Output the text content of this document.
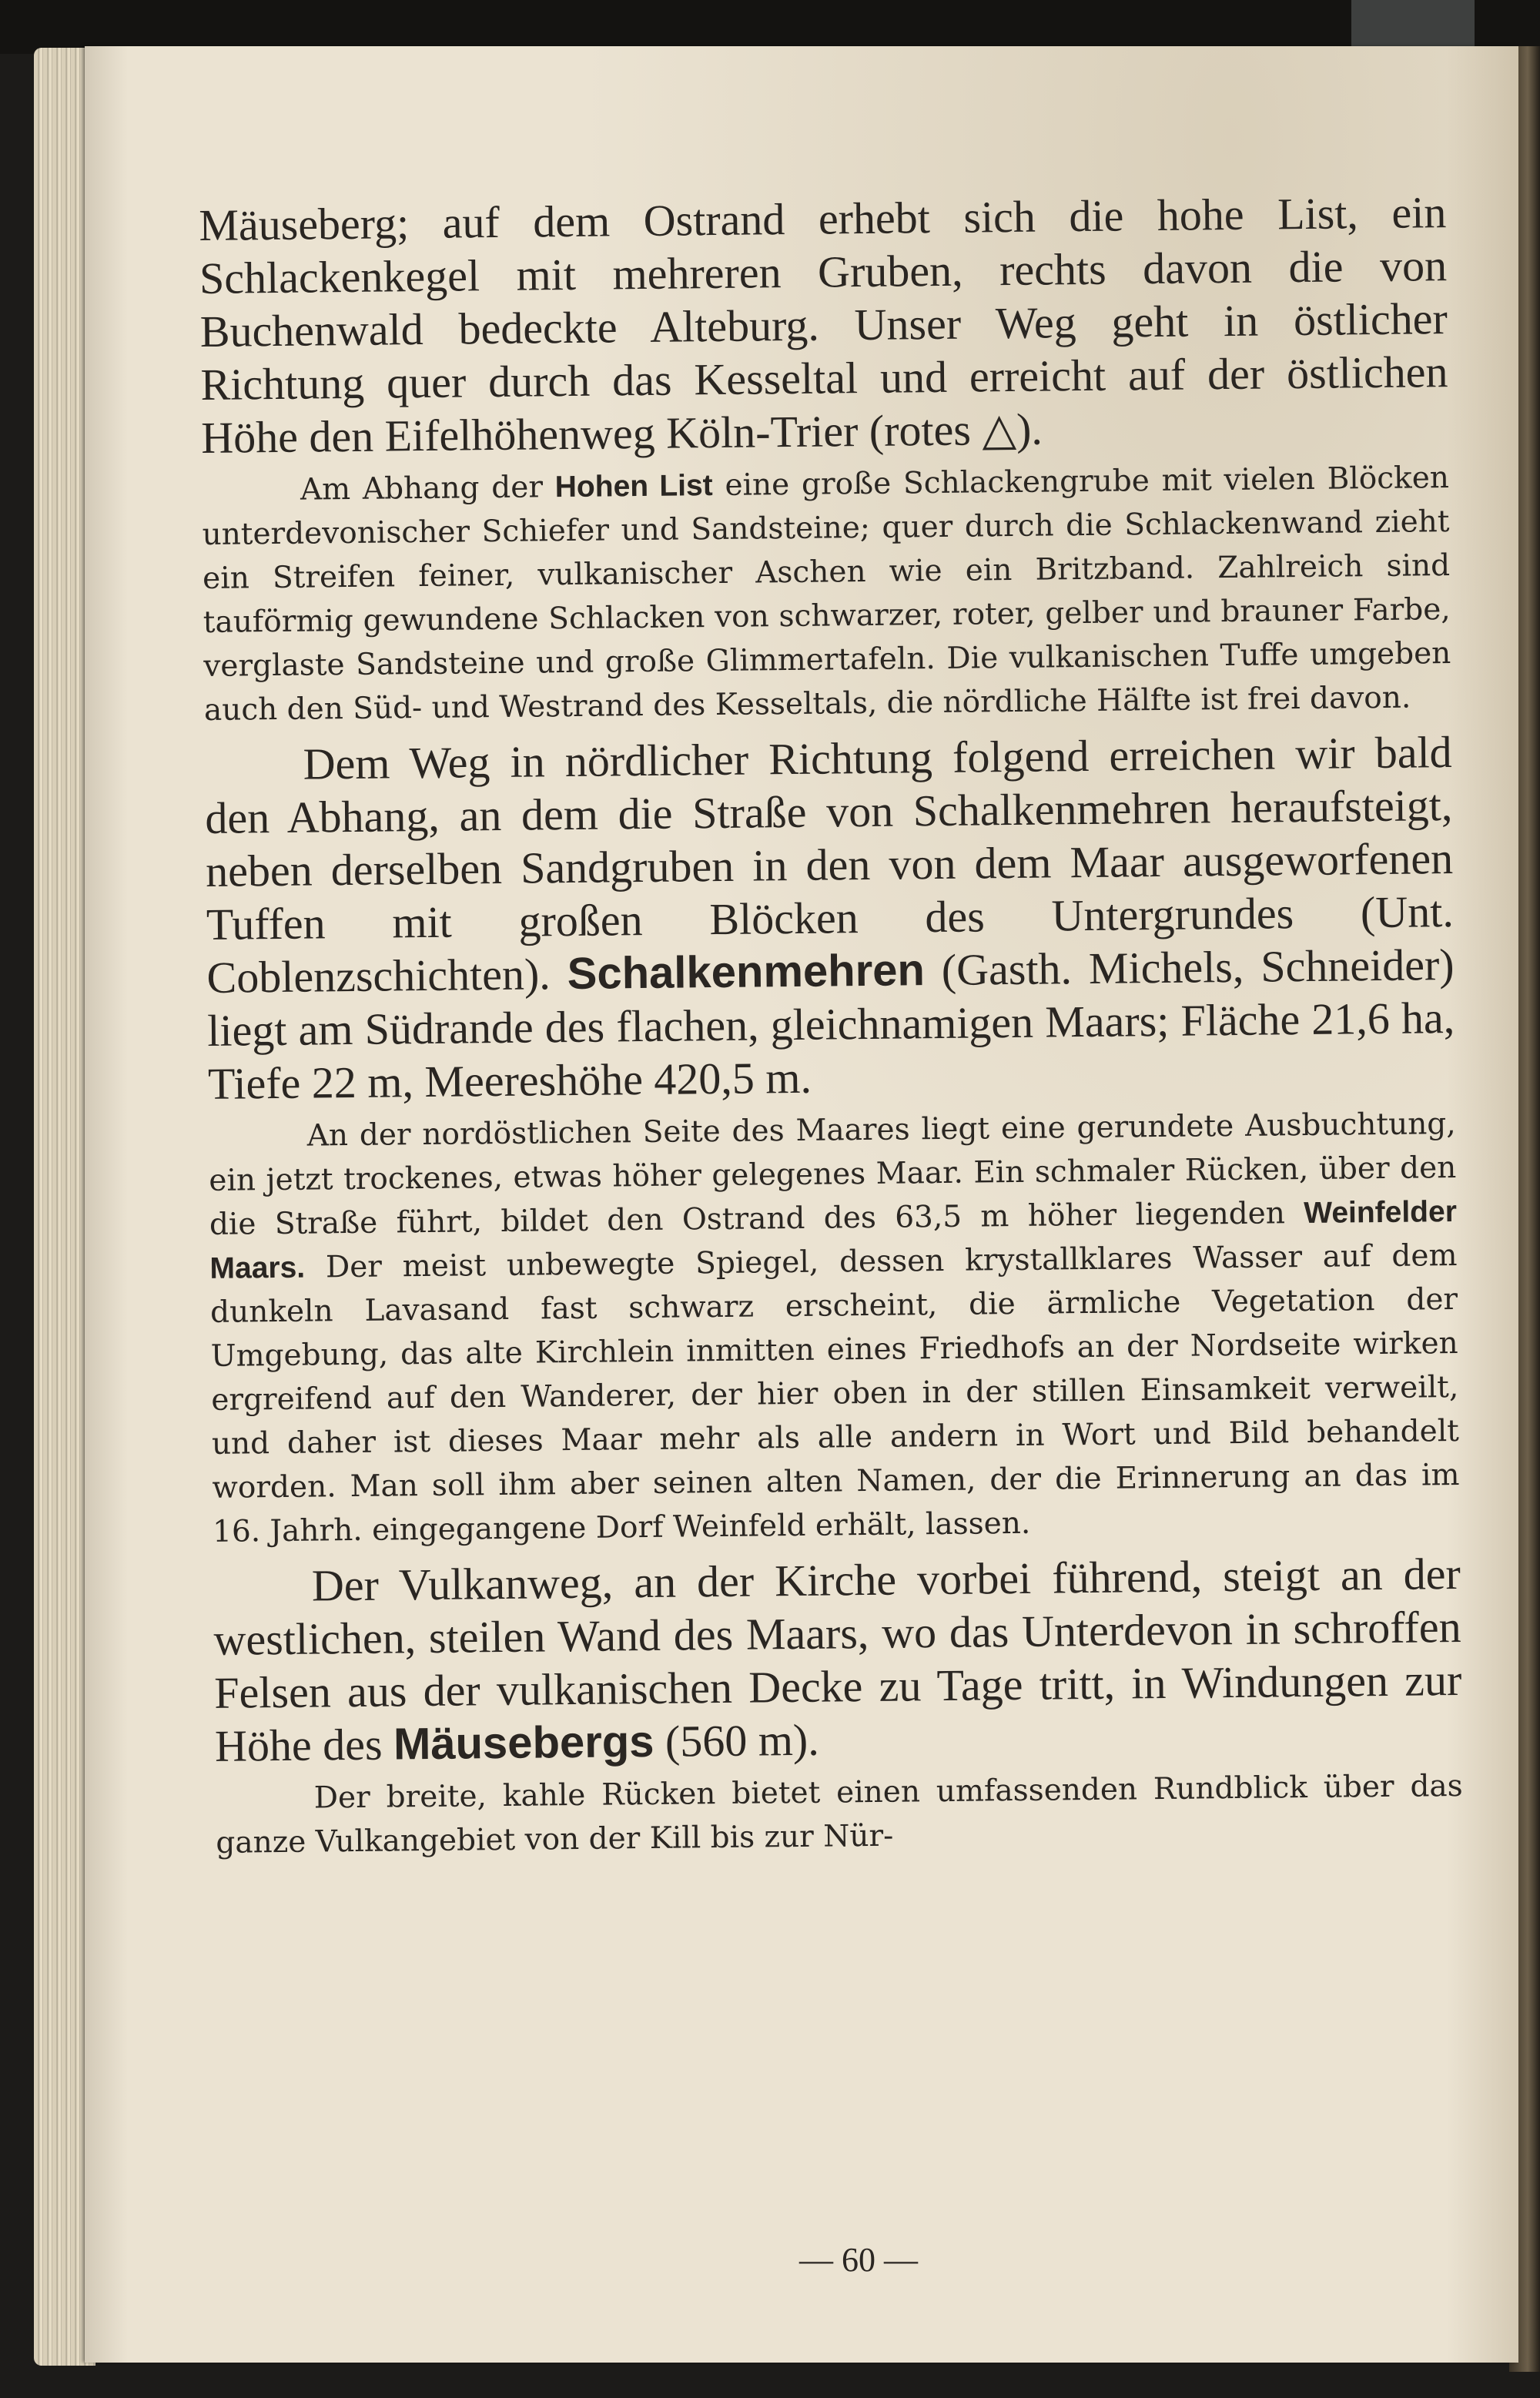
Mäuseberg; auf dem Ostrand erhebt sich die hohe List, ein Schlackenkegel mit mehreren Gruben, rechts davon die von Buchenwald bedeckte Alteburg. Unser Weg geht in östlicher Richtung quer durch das Kesseltal und erreicht auf der östlichen Höhe den Eifelhöhenweg Köln-Trier (rotes △).

Am Abhang der Hohen List eine große Schlackengrube mit vielen Blöcken unterdevonischer Schiefer und Sandsteine; quer durch die Schlackenwand zieht ein Streifen feiner, vulkanischer Aschen wie ein Britzband. Zahlreich sind tauförmig gewundene Schlacken von schwarzer, roter, gelber und brauner Farbe, verglaste Sandsteine und große Glimmertafeln. Die vulkanischen Tuffe umgeben auch den Süd- und Westrand des Kesseltals, die nördliche Hälfte ist frei davon.

Dem Weg in nördlicher Richtung folgend erreichen wir bald den Abhang, an dem die Straße von Schalkenmehren heraufsteigt, neben derselben Sandgruben in den von dem Maar ausgeworfenen Tuffen mit großen Blöcken des Untergrundes (Unt. Coblenzschichten). Schalkenmehren (Gasth. Michels, Schneider) liegt am Südrande des flachen, gleichnamigen Maars; Fläche 21,6 ha, Tiefe 22 m, Meereshöhe 420,5 m.

An der nordöstlichen Seite des Maares liegt eine gerundete Ausbuchtung, ein jetzt trockenes, etwas höher gelegenes Maar. Ein schmaler Rücken, über den die Straße führt, bildet den Ostrand des 63,5 m höher liegenden Weinfelder Maars. Der meist unbewegte Spiegel, dessen krystallklares Wasser auf dem dunkeln Lavasand fast schwarz erscheint, die ärmliche Vegetation der Umgebung, das alte Kirchlein inmitten eines Friedhofs an der Nordseite wirken ergreifend auf den Wanderer, der hier oben in der stillen Einsamkeit verweilt, und daher ist dieses Maar mehr als alle andern in Wort und Bild behandelt worden. Man soll ihm aber seinen alten Namen, der die Erinnerung an das im 16. Jahrh. eingegangene Dorf Weinfeld erhält, lassen.

Der Vulkanweg, an der Kirche vorbei führend, steigt an der westlichen, steilen Wand des Maars, wo das Unterdevon in schroffen Felsen aus der vulkanischen Decke zu Tage tritt, in Windungen zur Höhe des Mäusebergs (560 m).

Der breite, kahle Rücken bietet einen umfassenden Rundblick über das ganze Vulkangebiet von der Kill bis zur Nür-

— 60 —
